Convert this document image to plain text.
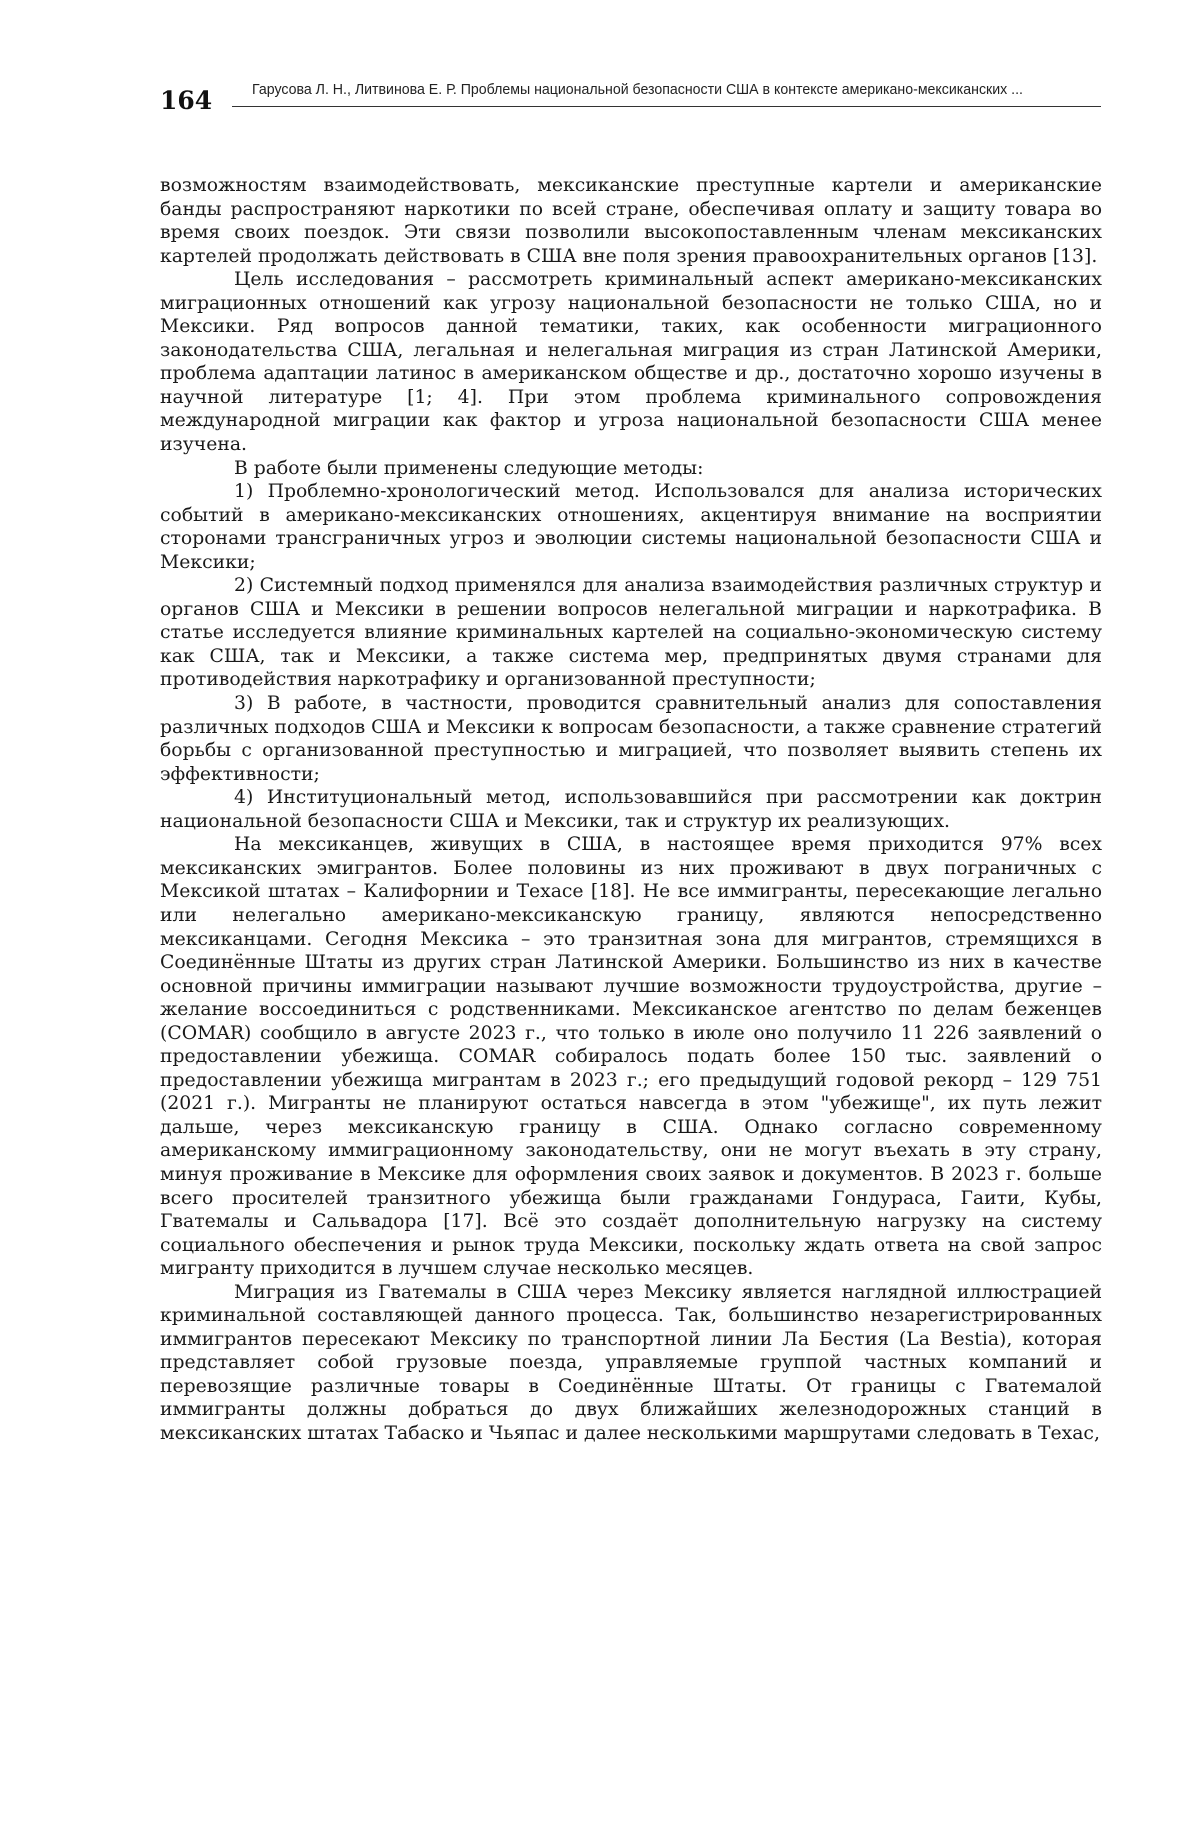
164	Гарусова Л. Н., Литвинова Е. Р. Проблемы национальной безопасности США в контексте американо-мексиканских ...

возможностям взаимодействовать, мексиканские преступные картели и американские банды распространяют наркотики по всей стране, обеспечивая оплату и защиту товара во время своих поездок. Эти связи позволили высокопоставленным членам мексиканских картелей продолжать действовать в США вне поля зрения правоохранительных органов [13].

Цель исследования – рассмотреть криминальный аспект американо-мексиканских миграционных отношений как угрозу национальной безопасности не только США, но и Мексики. Ряд вопросов данной тематики, таких, как особенности миграционного законодательства США, легальная и нелегальная миграция из стран Латинской Америки, проблема адаптации латинос в американском обществе и др., достаточно хорошо изучены в научной литературе [1; 4]. При этом проблема криминального сопровождения международной миграции как фактор и угроза национальной безопасности США менее изучена.

В работе были применены следующие методы:

1) Проблемно-хронологический метод. Использовался для анализа исторических событий в американо-мексиканских отношениях, акцентируя внимание на восприятии сторонами трансграничных угроз и эволюции системы национальной безопасности США и Мексики;

2) Системный подход применялся для анализа взаимодействия различных структур и органов США и Мексики в решении вопросов нелегальной миграции и наркотрафика. В статье исследуется влияние криминальных картелей на социально-экономическую систему как США, так и Мексики, а также система мер, предпринятых двумя странами для противодействия наркотрафику и организованной преступности;

3) В работе, в частности, проводится сравнительный анализ для сопоставления различных подходов США и Мексики к вопросам безопасности, а также сравнение стратегий борьбы с организованной преступностью и миграцией, что позволяет выявить степень их эффективности;

4) Институциональный метод, использовавшийся при рассмотрении как доктрин национальной безопасности США и Мексики, так и структур их реализующих.

На мексиканцев, живущих в США, в настоящее время приходится 97% всех мексиканских эмигрантов. Более половины из них проживают в двух пограничных с Мексикой штатах – Калифорнии и Техасе [18]. Не все иммигранты, пересекающие легально или нелегально американо-мексиканскую границу, являются непосредственно мексиканцами. Сегодня Мексика – это транзитная зона для мигрантов, стремящихся в Соединённые Штаты из других стран Латинской Америки. Большинство из них в качестве основной причины иммиграции называют лучшие возможности трудоустройства, другие – желание воссоединиться с родственниками. Мексиканское агентство по делам беженцев (COMAR) сообщило в августе 2023 г., что только в июле оно получило 11 226 заявлений о предоставлении убежища. COMAR собиралось подать более 150 тыс. заявлений о предоставлении убежища мигрантам в 2023 г.; его предыдущий годовой рекорд – 129 751 (2021 г.). Мигранты не планируют остаться навсегда в этом "убежище", их путь лежит дальше, через мексиканскую границу в США. Однако согласно современному американскому иммиграционному законодательству, они не могут въехать в эту страну, минуя проживание в Мексике для оформления своих заявок и документов. В 2023 г. больше всего просителей транзитного убежища были гражданами Гондураса, Гаити, Кубы, Гватемалы и Сальвадора [17]. Всё это создаёт дополнительную нагрузку на систему социального обеспечения и рынок труда Мексики, поскольку ждать ответа на свой запрос мигранту приходится в лучшем случае несколько месяцев.

Миграция из Гватемалы в США через Мексику является наглядной иллюстрацией криминальной составляющей данного процесса. Так, большинство незарегистрированных иммигрантов пересекают Мексику по транспортной линии Ла Бестия (La Bestia), которая представляет собой грузовые поезда, управляемые группой частных компаний и перевозящие различные товары в Соединённые Штаты. От границы с Гватемалой иммигранты должны добраться до двух ближайших железнодорожных станций в мексиканских штатах Табаско и Чьяпас и далее несколькими маршрутами следовать в Техас,
